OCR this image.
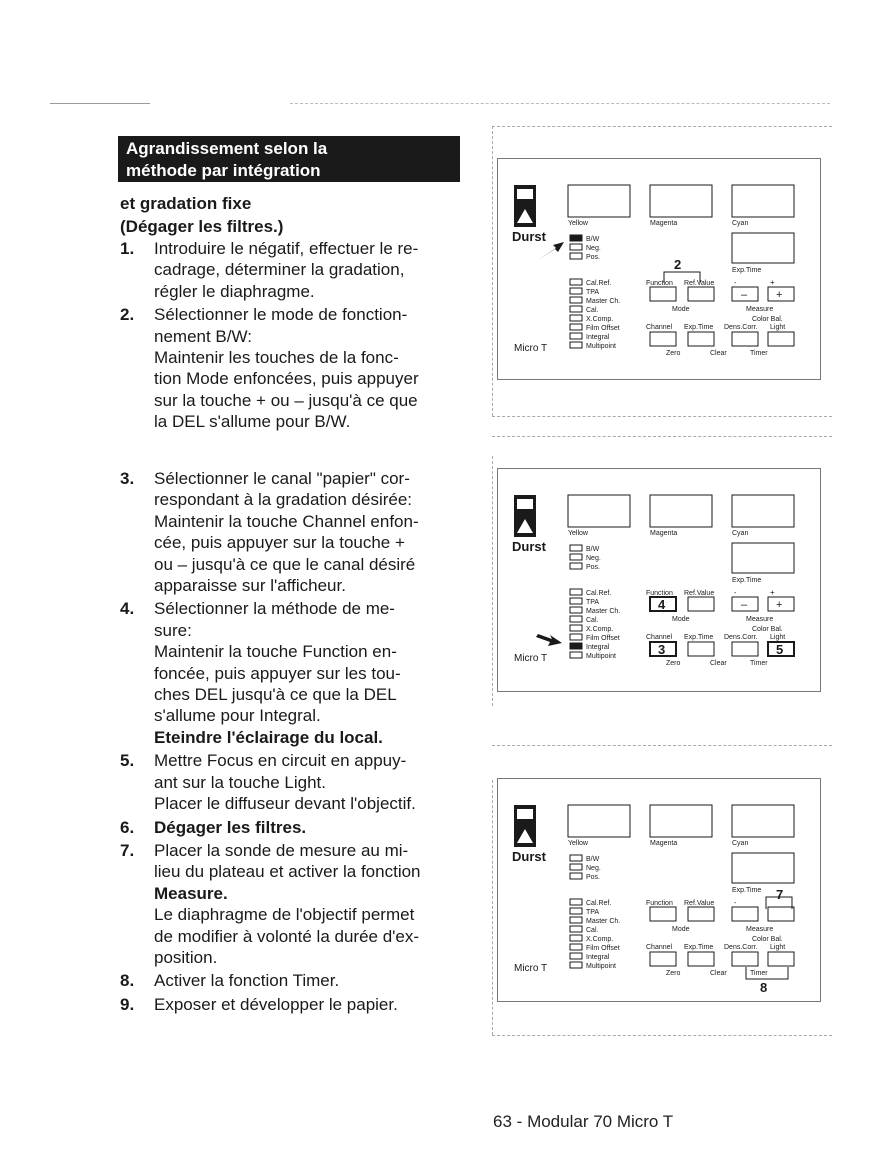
Agrandissement selon la
méthode par intégration
et gradation fixe
(Dégager les filtres.)
1. Introduire le négatif, effectuer le re-
cadrage, déterminer la gradation,
régler le diaphragme.
2. Sélectionner le mode de fonction-
nement B/W:
Maintenir les touches de la fonc-
tion Mode enfoncées, puis appuyer
sur la touche + ou – jusqu'à ce que
la DEL s'allume pour B/W.
3. Sélectionner le canal "papier" cor-
respondant à la gradation désirée:
Maintenir la touche Channel enfon-
cée, puis appuyer sur la touche +
ou – jusqu'à ce que le canal désiré
apparaisse sur l'afficheur.
4. Sélectionner la méthode de me-
sure:
Maintenir la touche Function en-
foncée, puis appuyer sur les tou-
ches DEL jusqu'à ce que la DEL
s'allume pour Integral.
Eteindre l'éclairage du local.
5. Mettre Focus en circuit en appuy-
ant sur la touche Light.
Placer le diffuseur devant l'objectif.
6. Dégager les filtres.
7. Placer la sonde de mesure au mi-
lieu du plateau et activer la fonction
Measure.
Le diaphragme de l'objectif permet
de modifier à volonté la durée d'ex-
position.
8. Activer la fonction Timer.
9. Exposer et développer le papier.
Durst
Micro T
Yellow	Magenta	Cyan
Exp.Time
B/W
Neg.
Pos.
Cal.Ref.
TPA
Master Ch.
Cal.
X.Comp.
Film Offset
Integral
Multipoint
2
Function Ref.Value	-	+
–	+
Mode	Measure
Color Bal.
Channel Exp.Time Dens.Corr. Light
Zero	Clear	Timer
Durst
Micro T
Yellow	Magenta	Cyan
Exp.Time
B/W
Neg.
Pos.
Cal.Ref.
TPA
Master Ch.
Cal.
X.Comp.
Film Offset
Integral
Multipoint
Function Ref.Value	-	+
4	–	+
Mode	Measure
Color Bal.
Channel Exp.Time Dens.Corr. Light
3	5
Zero	Clear	Timer
Durst
Micro T
Yellow	Magenta	Cyan
Exp.Time
B/W
Neg.
Pos.
Cal.Ref.
TPA
Master Ch.
Cal.
X.Comp.
Film Offset
Integral
Multipoint
7
Function Ref.Value	-
Mode	Measure
Color Bal.
Channel Exp.Time Dens.Corr. Light
Zero	Clear	Timer
8
63 - Modular 70 Micro T
